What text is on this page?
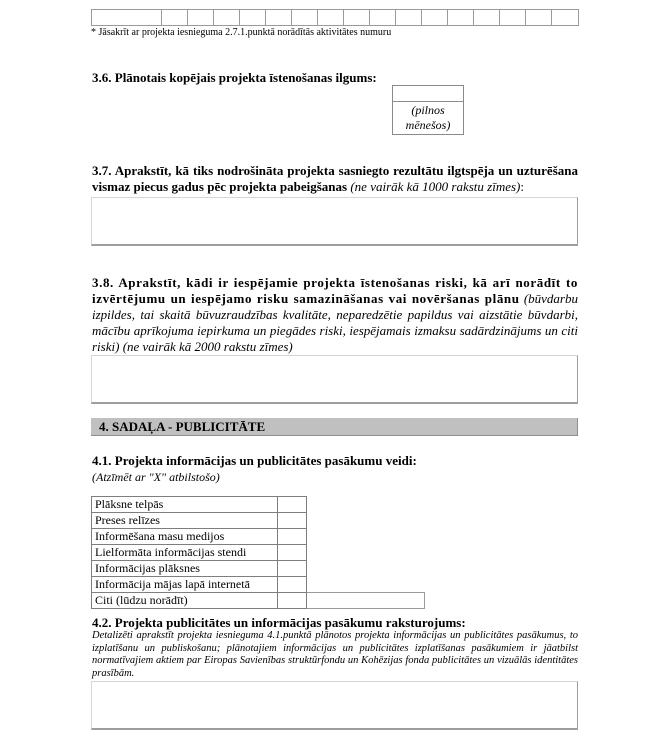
* Jāsakrīt ar projekta iesnieguma 2.7.1.punktā norādītās aktivitātes numuru
3.6. Plānotais kopējais projekta īstenošanas ilgums:
(pilnos mēnešos)
3.7. Aprakstīt, kā tiks nodrošināta projekta sasniegto rezultātu ilgtspēja un uzturēšana vismaz piecus gadus pēc projekta pabeigšanas (ne vairāk kā 1000 rakstu zīmes):
3.8. Aprakstīt, kādi ir iespējamie projekta īstenošanas riski, kā arī norādīt to izvērtējumu un iespējamo risku samazināšanas vai novēršanas plānu (būvdarbu izpildes, tai skaitā būvuzraudzības kvalitāte, neparedzētie papildus vai aizstātie būvdarbi, mācību aprīkojuma iepirkuma un piegādes riski, iespējamais izmaksu sadārdzinājums un citi riski) (ne vairāk kā 2000 rakstu zīmes)
4. SADAĻA - PUBLICITĀTE
4.1. Projekta informācijas un publicitātes pasākumu veidi:
(Atzīmēt ar "X" atbilstošo)
Plāksne telpās		
Preses relīzes		
Informēšana masu medijos		
Lielformāta informācijas stendi		
Informācijas plāksnes		
Informācija mājas lapā internetā		
Citi (lūdzu norādīt)		
4.2. Projekta publicitātes un informācijas pasākumu raksturojums:
Detalizēti aprakstīt projekta iesnieguma 4.1.punktā plānotos projekta informācijas un publicitātes pasākumus, to izplatīšanu un publiskošanu; plānotajiem informācijas un publicitātes izplatīšanas pasākumiem ir jāatbilst normatīvajiem aktiem par Eiropas Savienības struktūrfondu un Kohēzijas fonda publicitātes un vizuālās identitātes prasībām.
